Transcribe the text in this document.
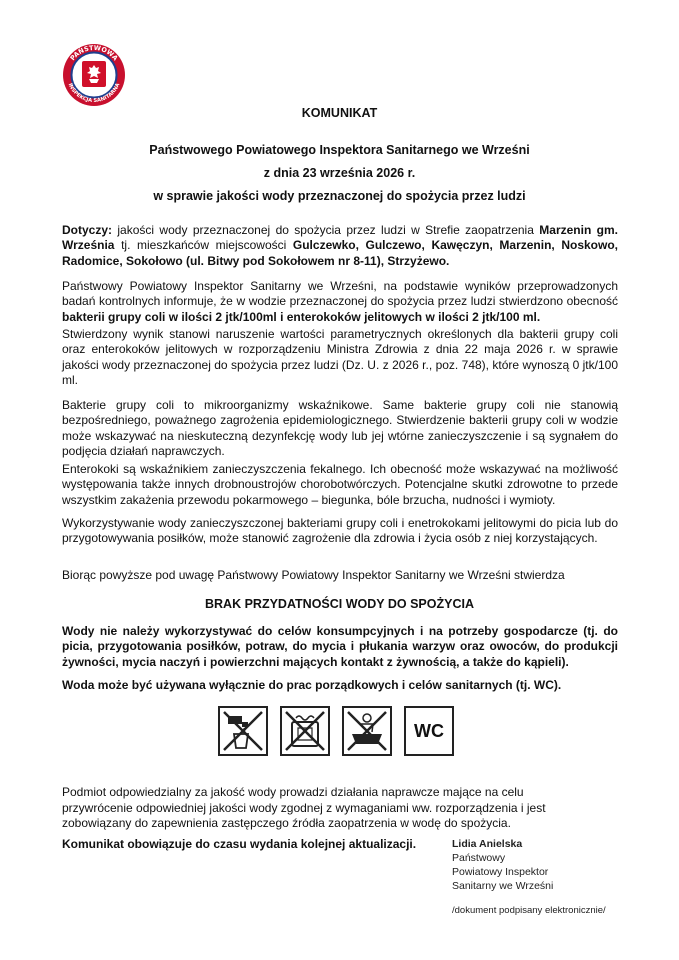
PAŃSTWOWA
INSPEKCJA SANITARNA
KOMUNIKAT
Państwowego Powiatowego Inspektora Sanitarnego we Wrześni
z dnia 23 września 2026 r.
w sprawie jakości wody przeznaczonej do spożycia przez ludzi
Dotyczy: jakości wody przeznaczonej do spożycia przez ludzi w Strefie zaopatrzenia Marzenin gm. Września tj. mieszkańców miejscowości Gulczewko, Gulczewo, Kawęczyn, Marzenin, Noskowo, Radomice, Sokołowo (ul. Bitwy pod Sokołowem nr 8-11), Strzyżewo.
Państwowy Powiatowy Inspektor Sanitarny we Wrześni, na podstawie wyników przeprowadzonych badań kontrolnych informuje, że w wodzie przeznaczonej do spożycia przez ludzi stwierdzono obecność bakterii grupy coli w ilości 2 jtk/100ml i enterokoków jelitowych w ilości 2 jtk/100 ml.
Stwierdzony wynik stanowi naruszenie wartości parametrycznych określonych dla bakterii grupy coli oraz enterokoków jelitowych w rozporządzeniu Ministra Zdrowia z dnia 22 maja 2026 r. w sprawie jakości wody przeznaczonej do spożycia przez ludzi (Dz. U. z 2026 r., poz. 748), które wynoszą 0 jtk/100 ml.
Bakterie grupy coli to mikroorganizmy wskaźnikowe. Same bakterie grupy coli nie stanowią bezpośredniego, poważnego zagrożenia epidemiologicznego. Stwierdzenie bakterii grupy coli w wodzie może wskazywać na nieskuteczną dezynfekcję wody lub jej wtórne zanieczyszczenie i są sygnałem do podjęcia działań naprawczych.
Enterokoki są wskaźnikiem zanieczyszczenia fekalnego. Ich obecność może wskazywać na możliwość występowania także innych drobnoustrojów chorobotwórczych. Potencjalne skutki zdrowotne to przede wszystkim zakażenia przewodu pokarmowego – biegunka, bóle brzucha, nudności i wymioty.
Wykorzystywanie wody zanieczyszczonej bakteriami grupy coli i enetrokokami jelitowymi do picia lub do przygotowywania posiłków, może stanowić zagrożenie dla zdrowia i życia osób z niej korzystających.
Biorąc powyższe pod uwagę Państwowy Powiatowy Inspektor Sanitarny we Wrześni stwierdza
BRAK PRZYDATNOŚCI WODY DO SPOŻYCIA
Wody nie należy wykorzystywać do celów konsumpcyjnych i na potrzeby gospodarcze (tj. do picia, przygotowania posiłków, potraw, do mycia i płukania warzyw oraz owoców, do produkcji żywności, mycia naczyń i powierzchni mających kontakt z żywnością, a także do kąpieli).
Woda może być używana wyłącznie do prac porządkowych i celów sanitarnych (tj. WC).
WC
Podmiot odpowiedzialny za jakość wody prowadzi działania naprawcze mające na celu przywrócenie odpowiedniej jakości wody zgodnej z wymaganiami ww. rozporządzenia i jest zobowiązany do zapewnienia zastępczego źródła zaopatrzenia w wodę do spożycia.
Komunikat obowiązuje do czasu wydania kolejnej aktualizacji.	Lidia Anielska
Państwowy
Powiatowy Inspektor
Sanitarny we Wrześni
/dokument podpisany elektronicznie/
